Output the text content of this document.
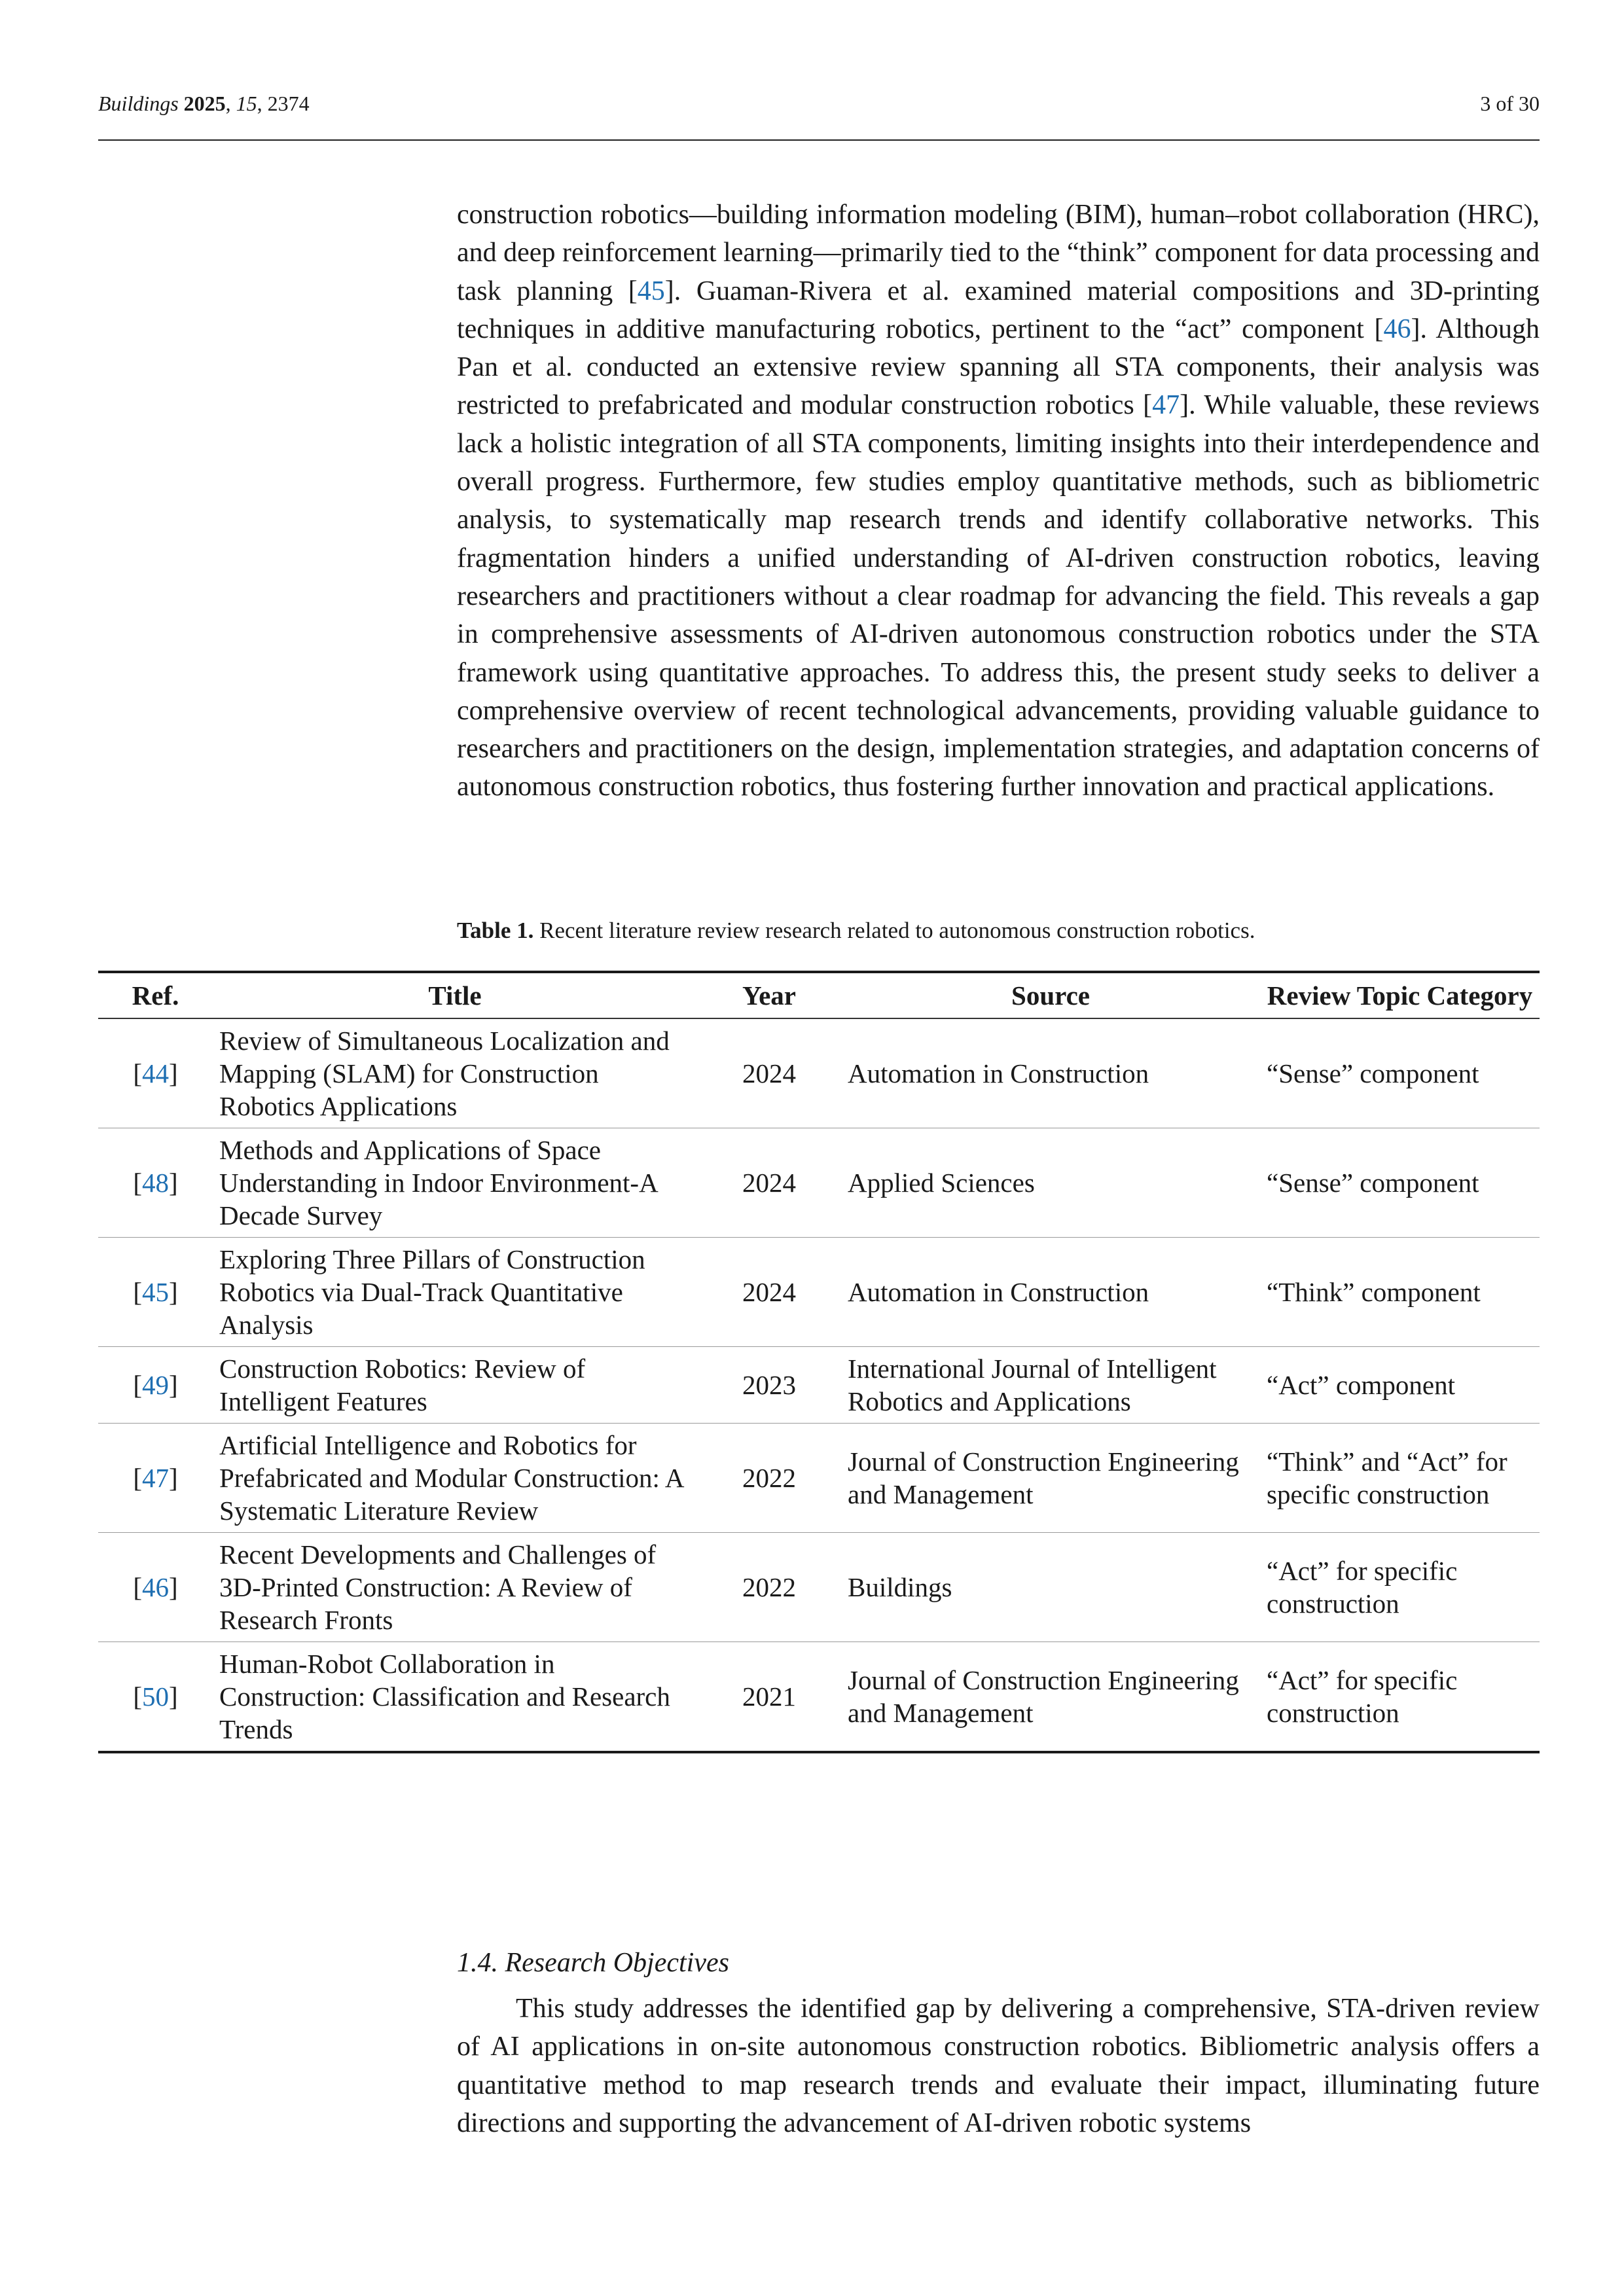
Buildings 2025, 15, 2374	3 of 30
construction robotics—building information modeling (BIM), human–robot collaboration (HRC), and deep reinforcement learning—primarily tied to the “think” component for data processing and task planning [45]. Guaman-Rivera et al. examined material compositions and 3D-printing techniques in additive manufacturing robotics, pertinent to the “act” component [46]. Although Pan et al. conducted an extensive review spanning all STA components, their analysis was restricted to prefabricated and modular construction robotics [47]. While valuable, these reviews lack a holistic integration of all STA components, limiting insights into their interdependence and overall progress. Furthermore, few studies employ quantitative methods, such as bibliometric analysis, to systematically map research trends and identify collaborative networks. This fragmentation hinders a unified understanding of AI-driven construction robotics, leaving researchers and practitioners without a clear roadmap for advancing the field. This reveals a gap in comprehensive assessments of AI-driven autonomous construction robotics under the STA framework using quantitative approaches. To address this, the present study seeks to deliver a comprehensive overview of recent technological advancements, providing valuable guidance to researchers and practitioners on the design, implementation strategies, and adaptation concerns of autonomous construction robotics, thus fostering further innovation and practical applications.
Table 1. Recent literature review research related to autonomous construction robotics.
Ref.	Title	Year	Source	Review Topic Category
[44]	Review of Simultaneous Localization and Mapping (SLAM) for Construction Robotics Applications	2024	Automation in Construction	“Sense” component
[48]	Methods and Applications of Space Understanding in Indoor Environment-A Decade Survey	2024	Applied Sciences	“Sense” component
[45]	Exploring Three Pillars of Construction Robotics via Dual-Track Quantitative Analysis	2024	Automation in Construction	“Think” component
[49]	Construction Robotics: Review of Intelligent Features	2023	International Journal of Intelligent Robotics and Applications	“Act” component
[47]	Artificial Intelligence and Robotics for Prefabricated and Modular Construction: A Systematic Literature Review	2022	Journal of Construction Engineering and Management	“Think” and “Act” for specific construction
[46]	Recent Developments and Challenges of 3D-Printed Construction: A Review of Research Fronts	2022	Buildings	“Act” for specific construction
[50]	Human-Robot Collaboration in Construction: Classification and Research Trends	2021	Journal of Construction Engineering and Management	“Act” for specific construction
1.4. Research Objectives
This study addresses the identified gap by delivering a comprehensive, STA-driven review of AI applications in on-site autonomous construction robotics. Bibliometric analysis offers a quantitative method to map research trends and evaluate their impact, illuminating future directions and supporting the advancement of AI-driven robotic systems
